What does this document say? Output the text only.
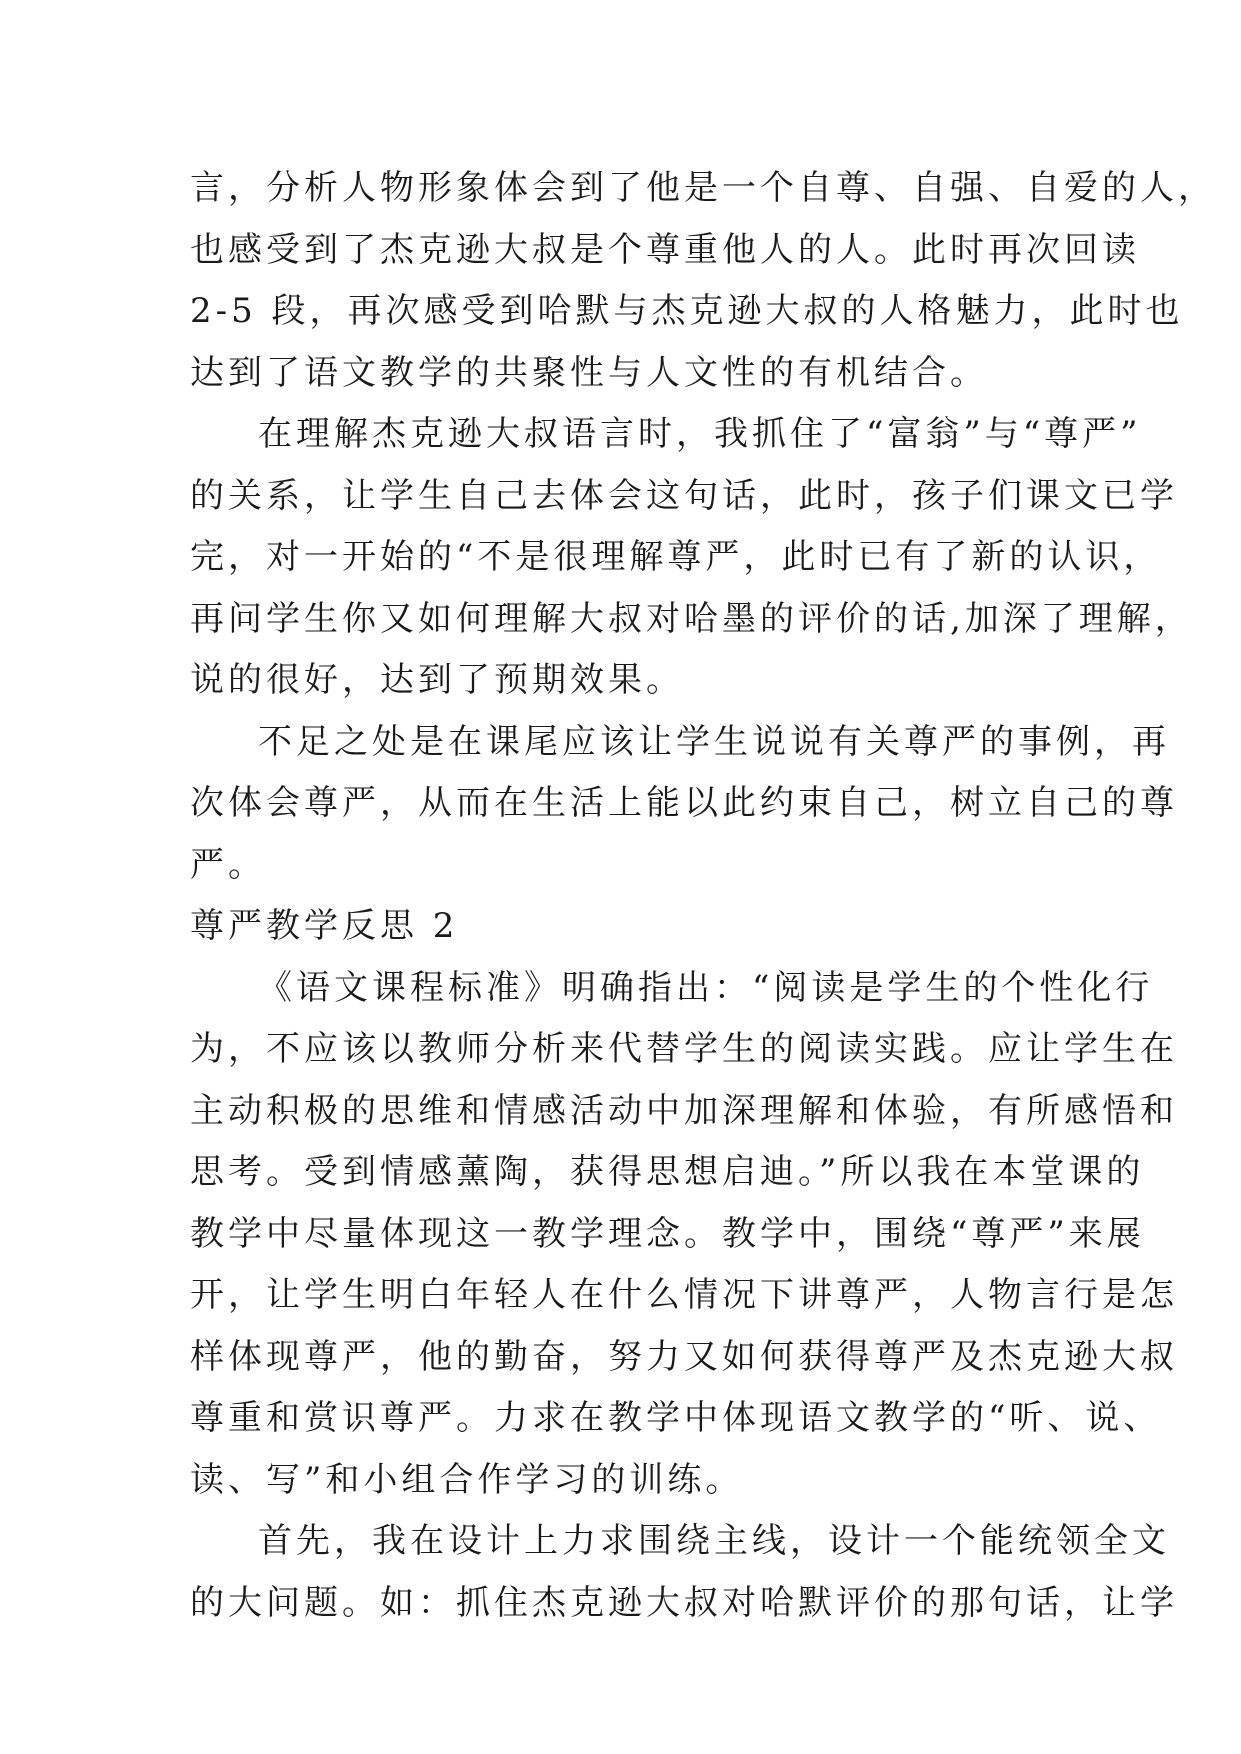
言，分析人物形象体会到了他是一个自尊、自强、自爱的人，
也感受到了杰克逊大叔是个尊重他人的人。此时再次回读
2-5 段，再次感受到哈默与杰克逊大叔的人格魅力，此时也
达到了语文教学的共聚性与人文性的有机结合。
在理解杰克逊大叔语言时，我抓住了“富翁”与“尊严”
的关系，让学生自己去体会这句话，此时，孩子们课文已学
完，对一开始的“不是很理解尊严，此时已有了新的认识，
再问学生你又如何理解大叔对哈墨的评价的话,加深了理解，
说的很好，达到了预期效果。
不足之处是在课尾应该让学生说说有关尊严的事例，再
次体会尊严，从而在生活上能以此约束自己，树立自己的尊
严。
尊严教学反思 2
《语文课程标准》明确指出：“阅读是学生的个性化行
为，不应该以教师分析来代替学生的阅读实践。应让学生在
主动积极的思维和情感活动中加深理解和体验，有所感悟和
思考。受到情感薰陶，获得思想启迪。”所以我在本堂课的
教学中尽量体现这一教学理念。教学中，围绕“尊严”来展
开，让学生明白年轻人在什么情况下讲尊严，人物言行是怎
样体现尊严，他的勤奋，努力又如何获得尊严及杰克逊大叔
尊重和赏识尊严。力求在教学中体现语文教学的“听、说、
读、写”和小组合作学习的训练。
首先，我在设计上力求围绕主线，设计一个能统领全文
的大问题。如：抓住杰克逊大叔对哈默评价的那句话，让学
